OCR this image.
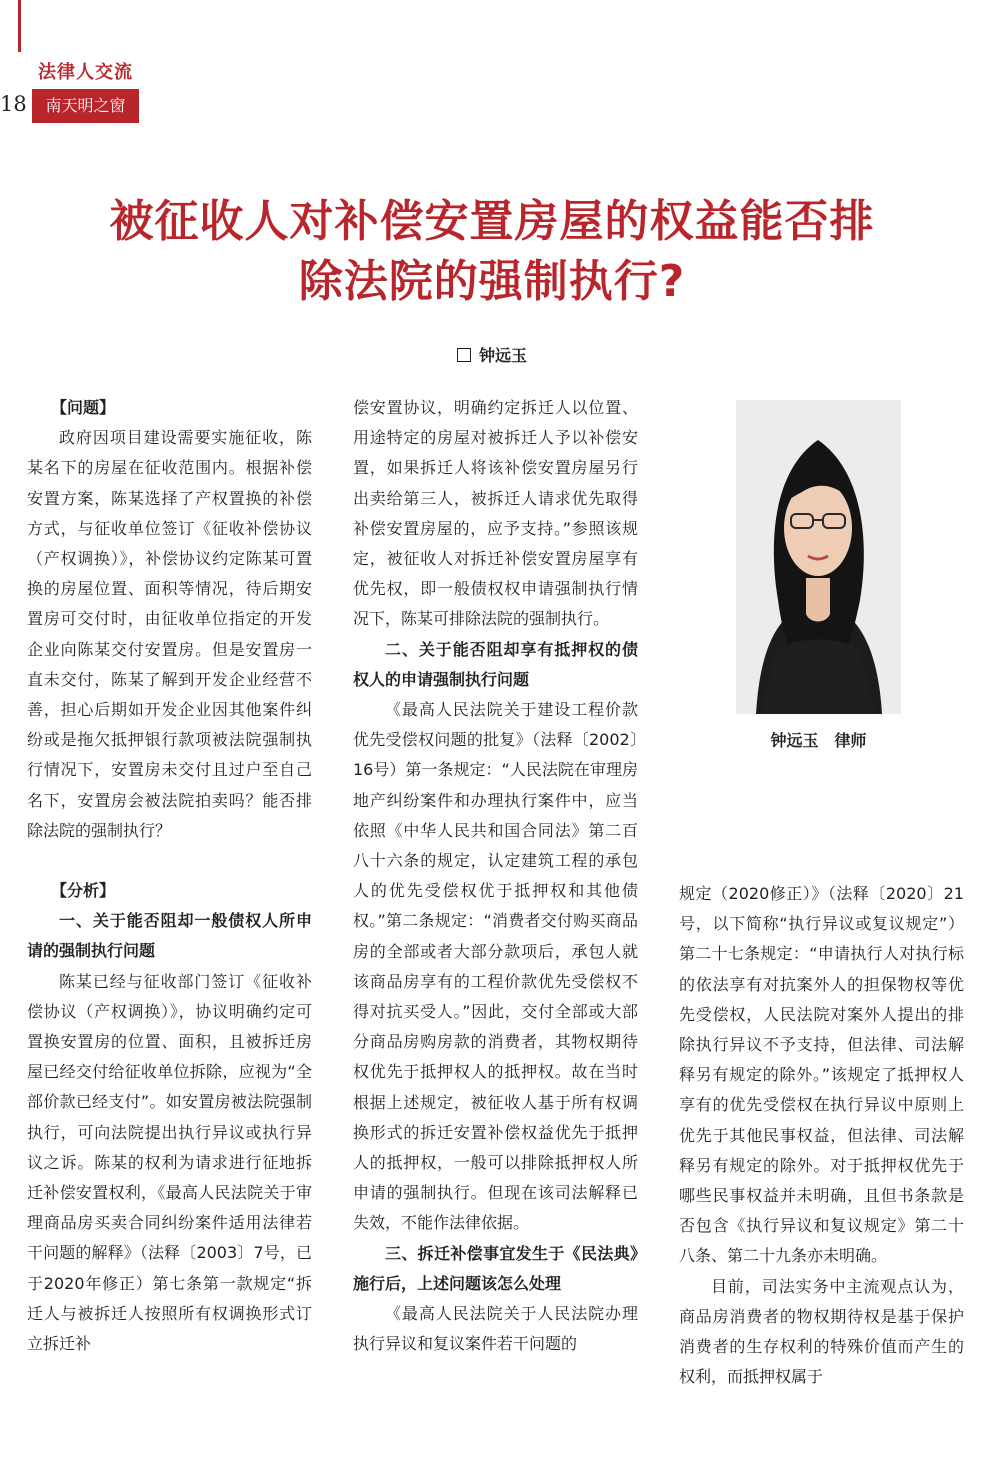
18
法律人交流
南天明之窗
被征收人对补偿安置房屋的权益能否排
除法院的强制执行?
钟远玉

【问题】

政府因项目建设需要实施征收，陈某名下的房屋在征收范围内。根据补偿安置方案，陈某选择了产权置换的补偿方式，与征收单位签订《征收补偿协议（产权调换）》，补偿协议约定陈某可置换的房屋位置、面积等情况，待后期安置房可交付时，由征收单位指定的开发企业向陈某交付安置房。但是安置房一直未交付，陈某了解到开发企业经营不善，担心后期如开发企业因其他案件纠纷或是拖欠抵押银行款项被法院强制执行情况下，安置房未交付且过户至自己名下，安置房会被法院拍卖吗？能否排除法院的强制执行？

【分析】

一、关于能否阻却一般债权人所申请的强制执行问题

陈某已经与征收部门签订《征收补偿协议（产权调换）》，协议明确约定可置换安置房的位置、面积，且被拆迁房屋已经交付给征收单位拆除，应视为“全部价款已经支付”。如安置房被法院强制执行，可向法院提出执行异议或执行异议之诉。陈某的权利为请求进行征地拆迁补偿安置权利，《最高人民法院关于审理商品房买卖合同纠纷案件适用法律若干问题的解释》（法释〔2003〕7号，已于2020年修正）第七条第一款规定“拆迁人与被拆迁人按照所有权调换形式订立拆迁补

偿安置协议，明确约定拆迁人以位置、用途特定的房屋对被拆迁人予以补偿安置，如果拆迁人将该补偿安置房屋另行出卖给第三人，被拆迁人请求优先取得补偿安置房屋的，应予支持。”参照该规定，被征收人对拆迁补偿安置房屋享有优先权，即一般债权权申请强制执行情况下，陈某可排除法院的强制执行。

二、关于能否阻却享有抵押权的债权人的申请强制执行问题

《最高人民法院关于建设工程价款优先受偿权问题的批复》（法释〔2002〕16号）第一条规定：“人民法院在审理房地产纠纷案件和办理执行案件中，应当依照《中华人民共和国合同法》第二百八十六条的规定，认定建筑工程的承包人的优先受偿权优于抵押权和其他债权。”第二条规定：“消费者交付购买商品房的全部或者大部分款项后，承包人就该商品房享有的工程价款优先受偿权不得对抗买受人。”因此，交付全部或大部分商品房购房款的消费者，其物权期待权优先于抵押权人的抵押权。故在当时根据上述规定，被征收人基于所有权调换形式的拆迁安置补偿权益优先于抵押人的抵押权，一般可以排除抵押权人所申请的强制执行。但现在该司法解释已失效，不能作法律依据。

三、拆迁补偿事宜发生于《民法典》施行后，上述问题该怎么处理

《最高人民法院关于人民法院办理执行异议和复议案件若干问题的

钟远玉　律师

规定（2020修正）》（法释〔2020〕21号，以下简称“执行异议或复议规定”）第二十七条规定：“申请执行人对执行标的依法享有对抗案外人的担保物权等优先受偿权，人民法院对案外人提出的排除执行异议不予支持，但法律、司法解释另有规定的除外。”该规定了抵押权人享有的优先受偿权在执行异议中原则上优先于其他民事权益，但法律、司法解释另有规定的除外。对于抵押权优先于哪些民事权益并未明确，且但书条款是否包含《执行异议和复议规定》第二十八条、第二十九条亦未明确。

目前，司法实务中主流观点认为，商品房消费者的物权期待权是基于保护消费者的生存权利的特殊价值而产生的权利，而抵押权属于
